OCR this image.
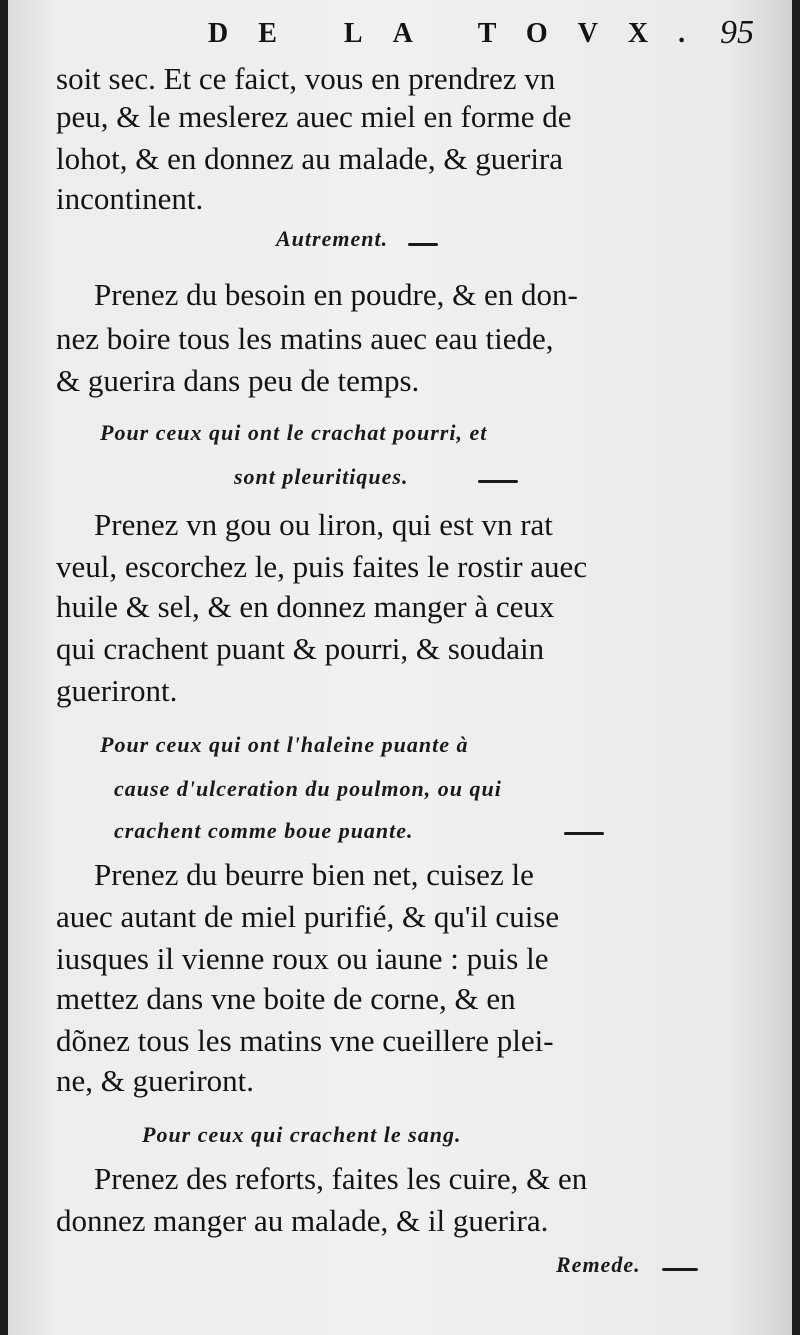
DE LA TOVX. 95
soit sec. Et ce faict, vous en prendrez vn
peu, & le meslerez auec miel en forme de
lohot, & en donnez au malade, & guerira
incontinent.
Autrement.
Prenez du besoin en poudre, & en don-
nez boire tous les matins auec eau tiede,
& guerira dans peu de temps.
Pour ceux qui ont le crachat pourri, et
sont pleuritiques.
Prenez vn gou ou liron, qui est vn rat
veul, escorchez le, puis faites le rostir auec
huile & sel, & en donnez manger à ceux
qui crachent puant & pourri, & soudain
gueriront.
Pour ceux qui ont l'haleine puante à
cause d'ulceration du poulmon, ou qui
crachent comme boue puante.
Prenez du beurre bien net, cuisez le
auec autant de miel purifié, & qu'il cuise
iusques il vienne roux ou iaune : puis le
mettez dans vne boite de corne, & en
dõnez tous les matins vne cueillere plei-
ne, & gueriront.
Pour ceux qui crachent le sang.
Prenez des reforts, faites les cuire, & en
donnez manger au malade, & il guerira.
Remede.
